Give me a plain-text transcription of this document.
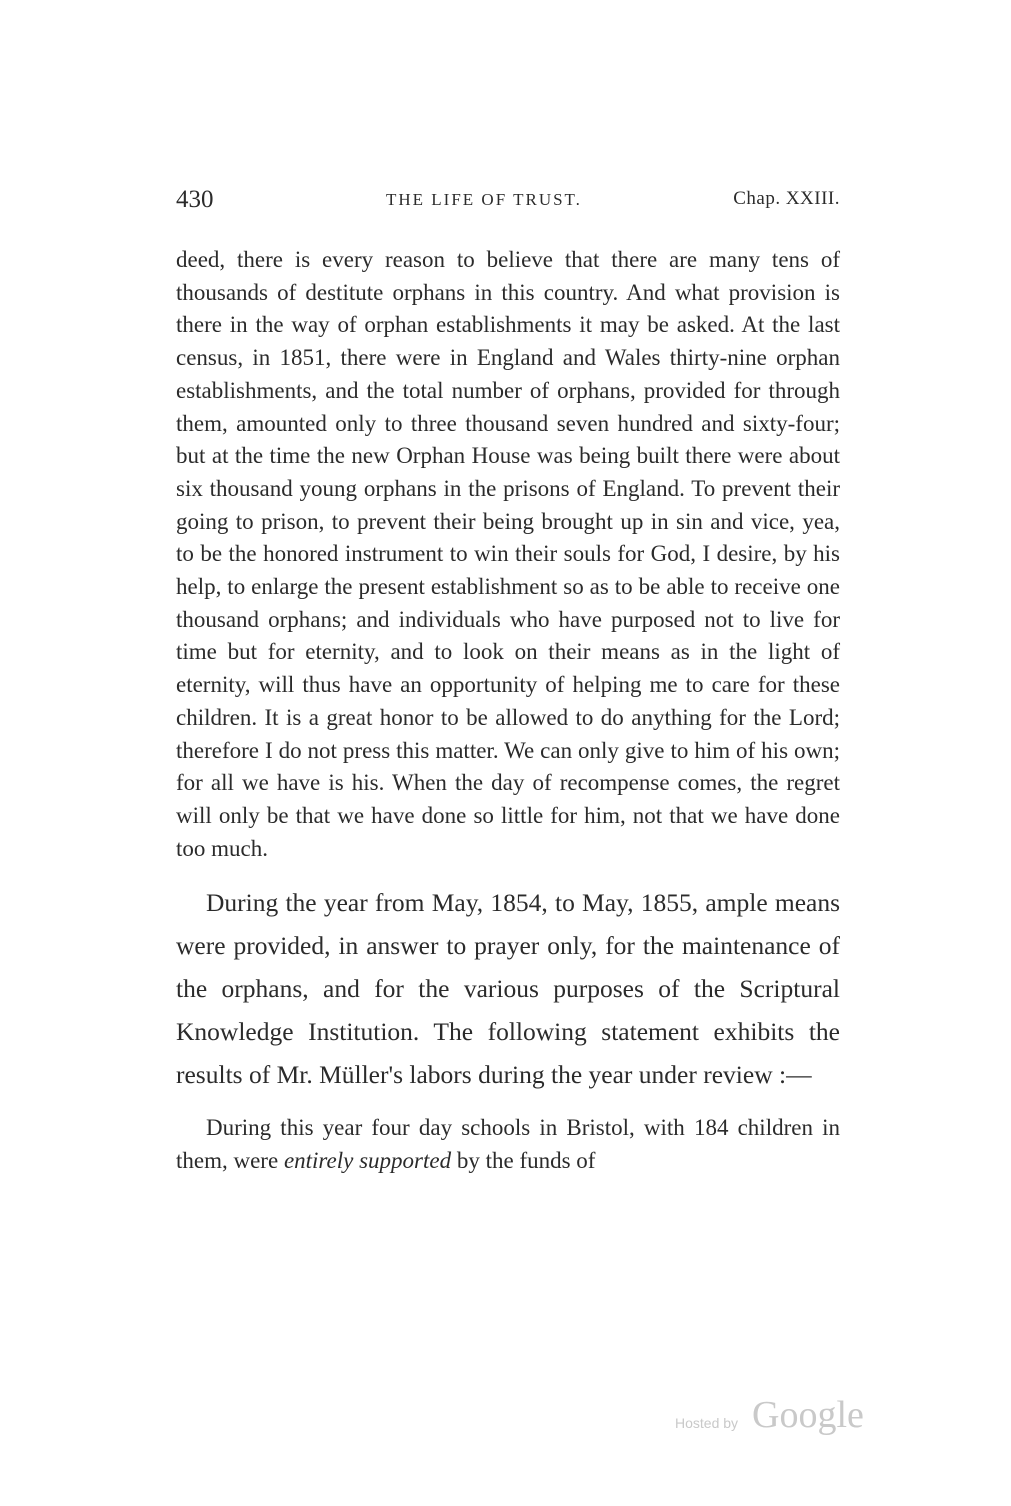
430	THE LIFE OF TRUST.	Chap. XXIII.

deed, there is every reason to believe that there are many tens of thousands of destitute orphans in this country. And what provision is there in the way of orphan establishments it may be asked. At the last census, in 1851, there were in England and Wales thirty-nine orphan establishments, and the total number of orphans, provided for through them, amounted only to three thousand seven hundred and sixty-four; but at the time the new Orphan House was being built there were about six thousand young orphans in the prisons of England. To prevent their going to prison, to prevent their being brought up in sin and vice, yea, to be the honored instrument to win their souls for God, I desire, by his help, to enlarge the present establishment so as to be able to receive one thousand orphans; and individuals who have purposed not to live for time but for eternity, and to look on their means as in the light of eternity, will thus have an opportunity of helping me to care for these children. It is a great honor to be allowed to do anything for the Lord; therefore I do not press this matter. We can only give to him of his own; for all we have is his. When the day of recompense comes, the regret will only be that we have done so little for him, not that we have done too much.

During the year from May, 1854, to May, 1855, ample means were provided, in answer to prayer only, for the maintenance of the orphans, and for the various purposes of the Scriptural Knowledge Institution. The following statement exhibits the results of Mr. Müller's labors during the year under review :—

During this year four day schools in Bristol, with 184 children in them, were entirely supported by the funds of

Hosted by Google
